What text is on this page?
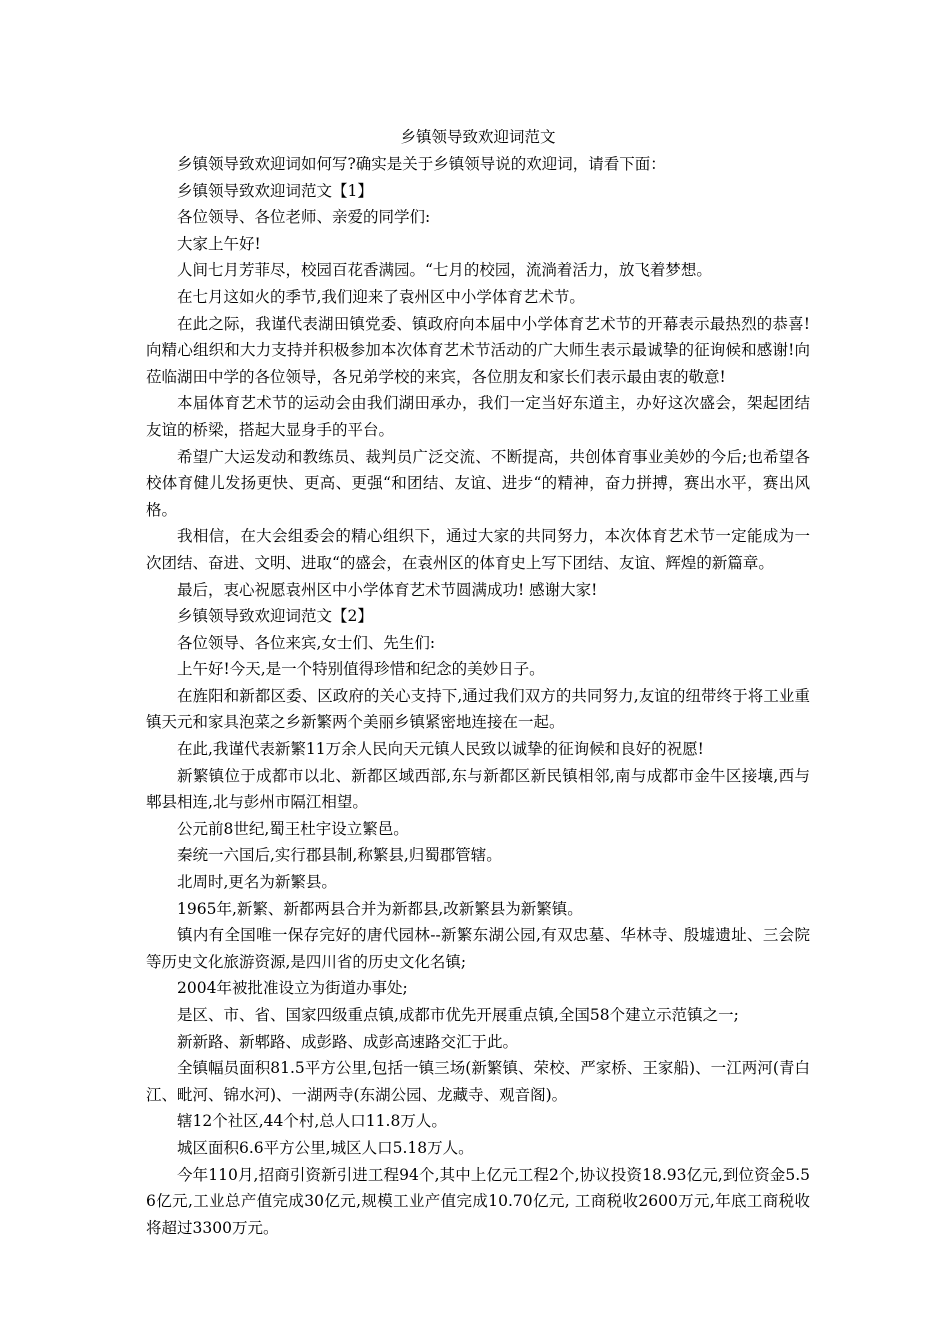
乡镇领导致欢迎词范文

乡镇领导致欢迎词如何写?确实是关于乡镇领导说的欢迎词，请看下面：

乡镇领导致欢迎词范文【1】

各位领导、各位老师、亲爱的同学们:

大家上午好!

人间七月芳菲尽，校园百花香满园。“七月的校园，流淌着活力，放飞着梦想。

在七月这如火的季节,我们迎来了袁州区中小学体育艺术节。

在此之际，我谨代表湖田镇党委、镇政府向本届中小学体育艺术节的开幕表示最热烈的恭喜!向精心组织和大力支持并积极参加本次体育艺术节活动的广大师生表示最诚挚的征询候和感谢!向莅临湖田中学的各位领导，各兄弟学校的来宾，各位朋友和家长们表示最由衷的敬意!

本届体育艺术节的运动会由我们湖田承办，我们一定当好东道主，办好这次盛会，架起团结友谊的桥梁，搭起大显身手的平台。

希望广大运发动和教练员、裁判员广泛交流、不断提高，共创体育事业美妙的今后;也希望各校体育健儿发扬更快、更高、更强“和团结、友谊、进步“的精神，奋力拼搏，赛出水平，赛出风格。

我相信，在大会组委会的精心组织下，通过大家的共同努力，本次体育艺术节一定能成为一次团结、奋进、文明、进取“的盛会，在袁州区的体育史上写下团结、友谊、辉煌的新篇章。

最后，衷心祝愿袁州区中小学体育艺术节圆满成功! 感谢大家!

乡镇领导致欢迎词范文【2】

各位领导、各位来宾,女士们、先生们:

上午好!今天,是一个特别值得珍惜和纪念的美妙日子。

在旌阳和新都区委、区政府的关心支持下,通过我们双方的共同努力,友谊的纽带终于将工业重镇天元和家具泡菜之乡新繁两个美丽乡镇紧密地连接在一起。

在此,我谨代表新繁11万余人民向天元镇人民致以诚挚的征询候和良好的祝愿!

新繁镇位于成都市以北、新都区域西部,东与新都区新民镇相邻,南与成都市金牛区接壤,西与郫县相连,北与彭州市隔江相望。

公元前8世纪,蜀王杜宇设立繁邑。

秦统一六国后,实行郡县制,称繁县,归蜀郡管辖。

北周时,更名为新繁县。

1965年,新繁、新都两县合并为新都县,改新繁县为新繁镇。

镇内有全国唯一保存完好的唐代园林--新繁东湖公园,有双忠墓、华林寺、殷墟遗址、三会院等历史文化旅游资源,是四川省的历史文化名镇;

2004年被批准设立为街道办事处;

是区、市、省、国家四级重点镇,成都市优先开展重点镇,全国58个建立示范镇之一;

新新路、新郫路、成彭路、成彭高速路交汇于此。

全镇幅员面积81.5平方公里,包括一镇三场(新繁镇、荣校、严家桥、王家船)、一江两河(青白江、毗河、锦水河)、一湖两寺(东湖公园、龙藏寺、观音阁)。

辖12个社区,44个村,总人口11.8万人。

城区面积6.6平方公里,城区人口5.18万人。

今年110月,招商引资新引进工程94个,其中上亿元工程2个,协议投资18.93亿元,到位资金5.56亿元,工业总产值完成30亿元,规模工业产值完成10.70亿元, 工商税收2600万元,年底工商税收将超过3300万元。
